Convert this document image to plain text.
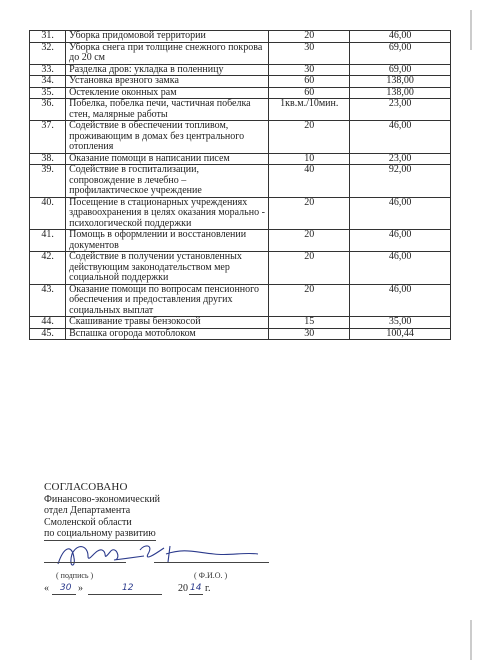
31.	Уборка придомовой территории	20	46,00
32.	Уборка снега при толщине снежного покрова до 20 см	30	69,00
33.	Разделка дров: укладка в поленницу	30	69,00
34.	Установка врезного замка	60	138,00
35.	Остекление оконных рам	60	138,00
36.	Побелка, побелка печи, частичная побелка стен, малярные работы	1кв.м./10мин.	23,00
37.	Содействие в обеспечении топливом, проживающим в домах без центрального отопления	20	46,00
38.	Оказание помощи в написании писем	10	23,00
39.	Содействие в госпитализации, сопровождение в лечебно – профилактическое учреждение	40	92,00
40.	Посещение в стационарных учреждениях здравоохранения в целях оказания морально - психологической поддержки	20	46,00
41.	Помощь в оформлении и восстановлении документов	20	46,00
42.	Содействие в получении установленных действующим законодательством мер социальной поддержки	20	46,00
43.	Оказание помощи по вопросам пенсионного обеспечения и предоставления других социальных выплат	20	46,00
44.	Скашивание травы бензокосой	15	35,00
45.	Вспашка огорода мотоблоком	30	100,44
СОГЛАСОВАНО
Финансово-экономический
отдел Департамента
Смоленской области
по социальному развитию
( подпись )	( Ф.И.О. )
« 30 »	12	20 14 г.
